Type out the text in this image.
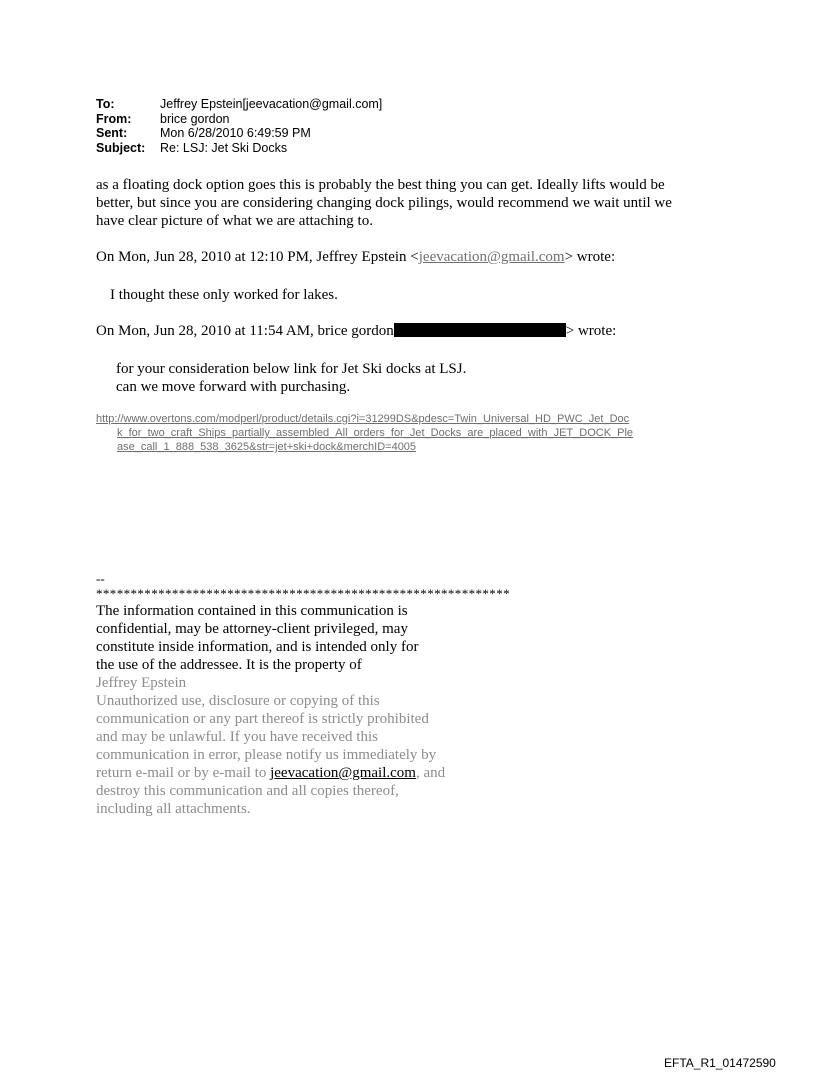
To:	Jeffrey Epstein[jeevacation@gmail.com]
From:	brice gordon
Sent:	Mon 6/28/2010 6:49:59 PM
Subject:	Re: LSJ: Jet Ski Docks
as a floating dock option goes this is probably the best thing you can get. Ideally lifts would be
better, but since you are considering changing dock pilings, would recommend we wait until we
have clear picture of what we are attaching to.
On Mon, Jun 28, 2010 at 12:10 PM, Jeffrey Epstein <jeevacation@gmail.com> wrote:
I thought these only worked for lakes.
On Mon, Jun 28, 2010 at 11:54 AM, brice gordon	> wrote:
for your consideration below link for Jet Ski docks at LSJ.
can we move forward with purchasing.
http://www.overtons.com/modperl/product/details.cgi?i=31299DS&pdesc=Twin_Universal_HD_PWC_Jet_Doc
k_for_two_craft_Ships_partially_assembled_All_orders_for_Jet_Docks_are_placed_with_JET_DOCK_Ple
ase_call_1_888_538_3625&str=jet+ski+dock&merchID=4005
--
************************************************************
The information contained in this communication is
confidential, may be attorney-client privileged, may
constitute inside information, and is intended only for
the use of the addressee. It is the property of
Jeffrey Epstein
Unauthorized use, disclosure or copying of this
communication or any part thereof is strictly prohibited
and may be unlawful. If you have received this
communication in error, please notify us immediately by
return e-mail or by e-mail to jeevacation@gmail.com, and
destroy this communication and all copies thereof,
including all attachments.
EFTA_R1_01472590
